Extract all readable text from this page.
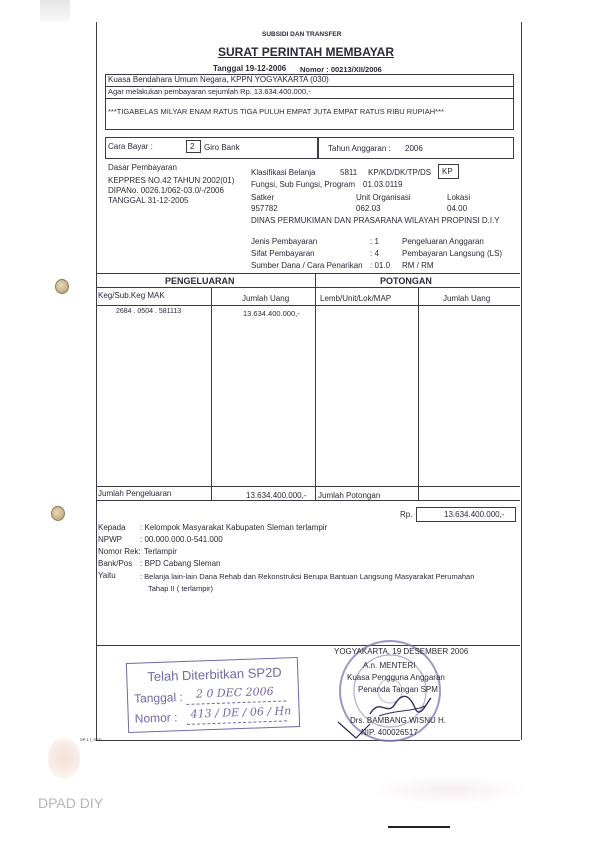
DPAD DIY
SUBSIDI DAN TRANSFER
SURAT PERINTAH MEMBAYAR
Tanggal 19-12-2006 Nomor : 00213/XII/2006
Kuasa Bendahara Umum Negara, KPPN YOGYAKARTA (030)
Agar melakukan pembayaran sejumlah Rp. 13.634.400.000,-
***TIGABELAS MILYAR ENAM RATUS TIGA PULUH EMPAT JUTA EMPAT RATUS RIBU RUPIAH***
Cara Bayar :	2 Giro Bank	Tahun Anggaran : 2006
Dasar Pembayaran
KEPPRES NO.42 TAHUN 2002(01)
DIPANo. 0026.1/062-03.0/-/2006
TANGGAL 31-12-2005
Klasifikasi Belanja	5811 KP/KD/DK/TP/DS KP
Fungsi, Sub Fungsi, Program 01.03.0119
Satker	Unit Organisasi	Lokasi
957782	062.03	04.00
DINAS PERMUKIMAN DAN PRASARANA WILAYAH PROPINSI D.I.Y
Jenis Pembayaran	: 1	Pengeluaran Anggaran
Sifat Pembayaran	: 4	Pembayaran Langsung (LS)
Sumber Dana / Cara Penarikan : 01.0 RM / RM
PENGELUARAN	POTONGAN
Keg/Sub.Keg MAK	Jumlah Uang	Lemb/Unit/Lok/MAP	Jumlah Uang
2684 . 0504 . 581113	13.634.400.000,-
Jumlah Pengeluaran	13.634.400.000,- Jumlah Potongan
Rp.	13.634.400.000,-
Kepada : Kelompok Masyarakat Kabupaten Sleman terlampir
NPWP : 00.000.000.0-541.000
Nomor Rek: Terlampir
Bank/Pos : BPD Cabang Sleman
Yaitu	: Belanja lain-lain Dana Rehab dan Rekonstruksi Berupa Bantuan Langsung Masyarakat Perumahan
Tahap II ( terlampir)
YOGYAKARTA, 19 DESEMBER 2006
A.n. MENTERI
Kuasa Pengguna Anggaran
Penanda Tangan SPM
Drs. BAMBANG WISNU H.
NIP. 400026517
Telah Diterbitkan SP2D
Tanggal : 2 0 DEC 2006
Nomor : 413 / DE / 06 / Hn
SP-1 f_SKD
